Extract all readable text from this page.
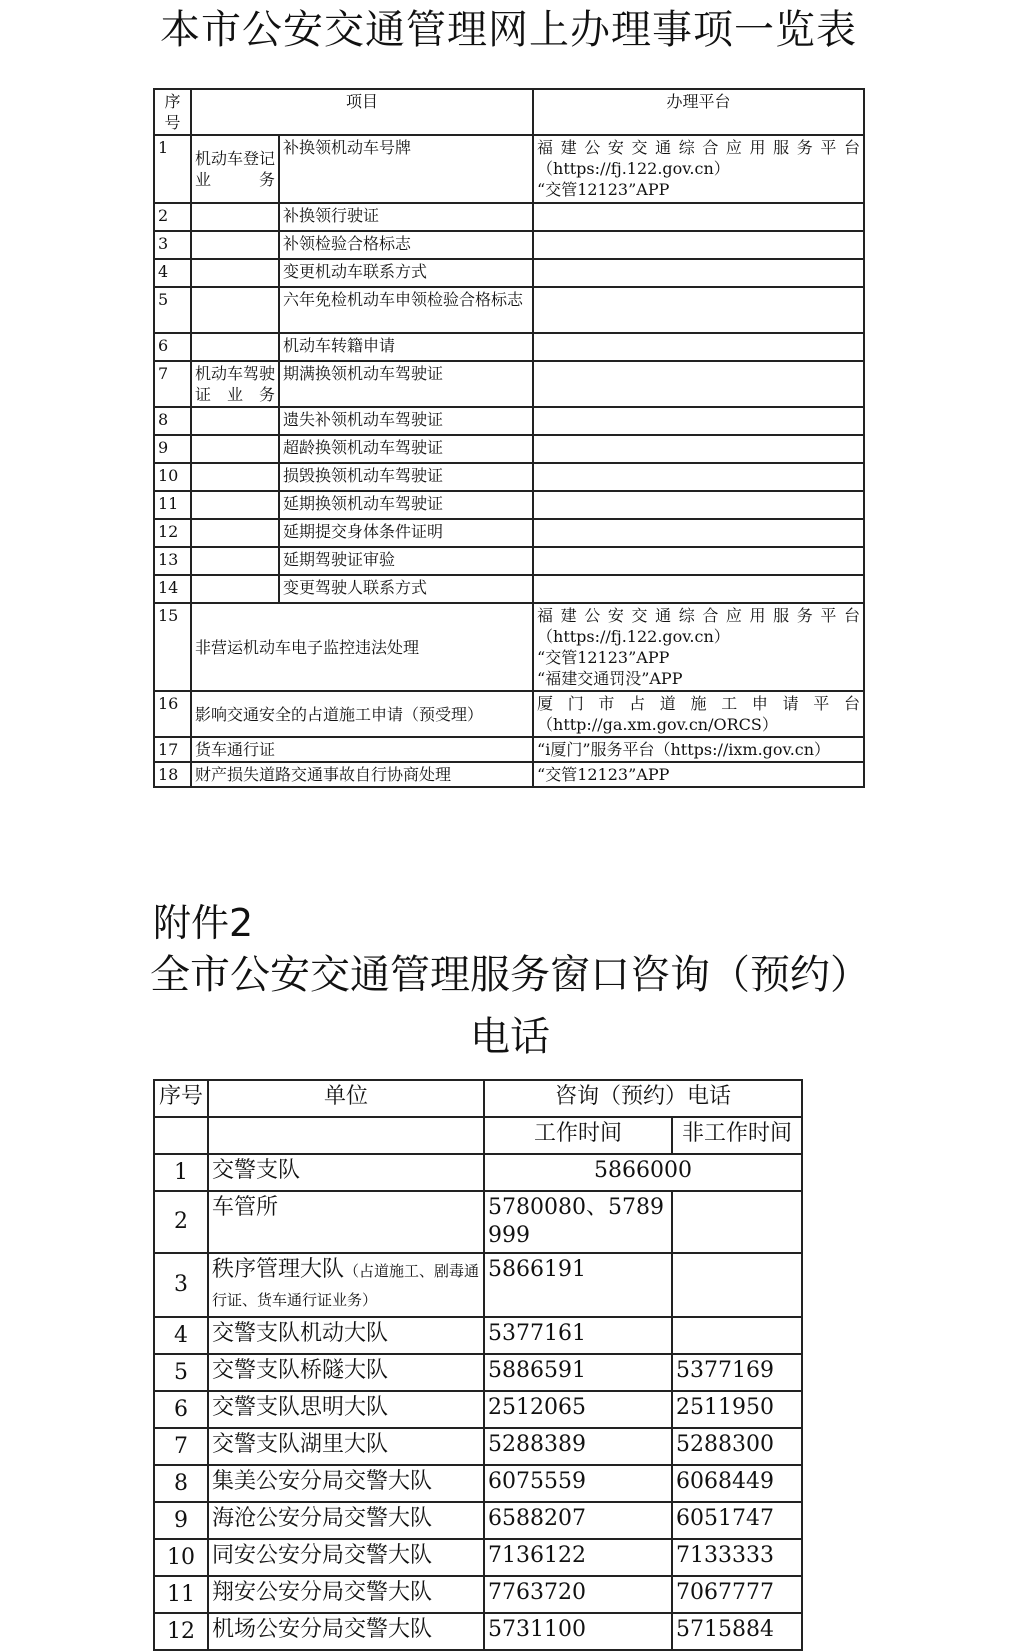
本市公安交通管理网上办理事项一览表
序号	项目		办理平台
1	机动车登记业务	补换领机动车号牌	福建公安交通综合应用服务平台
（https://fj.122.gov.cn）
“交管12123”APP

2		补换领行驶证	
3		补领检验合格标志	
4		变更机动车联系方式	
5		六年免检机动车申领检验合格标志	
6		机动车转籍申请	
7	机动车驾驶证业务	期满换领机动车驾驶证	
8		遗失补领机动车驾驶证	
9		超龄换领机动车驾驶证	
10		损毁换领机动车驾驶证	
11		延期换领机动车驾驶证	
12		延期提交身体条件证明	
13		延期驾驶证审验	
14		变更驾驶人联系方式	
15	非营运机动车电子监控违法处理		福建公安交通综合应用服务平台
（https://fj.122.gov.cn）
“交管12123”APP
“福建交通罚没”APP

16	影响交通安全的占道施工申请（预受理）		厦门市占道施工申请平台
（http://ga.xm.gov.cn/ORCS）

17	货车通行证		“i厦门”服务平台（https://ixm.gov.cn）
18	财产损失道路交通事故自行协商处理		“交管12123”APP
附件2
全市公安交通管理服务窗口咨询（预约）电话
序号	单位	咨询（预约）电话	
		工作时间	非工作时间
1	交警支队	5866000	
2	车管所	5780080、5789999	
3	秩序管理大队（占道施工、剧毒通行证、货车通行证业务）	5866191	
4	交警支队机动大队	5377161	
5	交警支队桥隧大队	5886591	5377169
6	交警支队思明大队	2512065	2511950
7	交警支队湖里大队	5288389	5288300
8	集美公安分局交警大队	6075559	6068449
9	海沧公安分局交警大队	6588207	6051747
10	同安公安分局交警大队	7136122	7133333
11	翔安公安分局交警大队	7763720	7067777
12	机场公安分局交警大队	5731100	5715884
